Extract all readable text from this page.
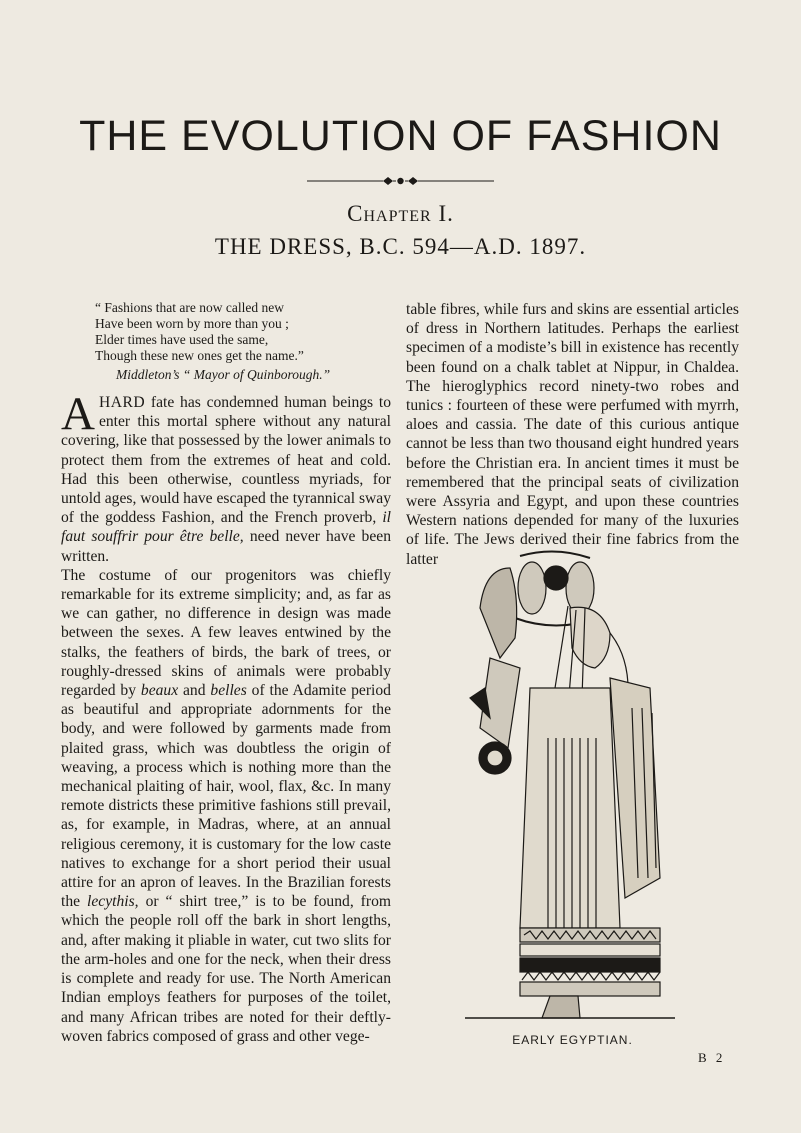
THE EVOLUTION OF FASHION
Chapter I.
THE DRESS, B.C. 594—A.D. 1897.
“ Fashions that are now called new
Have been worn by more than you ;
Elder times have used the same,
Though these new ones get the name.”
Middleton’s “ Mayor of Quinborough.”

A HARD fate has condemned human beings to enter this mortal sphere without any natural covering, like that possessed by the lower animals to protect them from the extremes of heat and cold. Had this been otherwise, countless myriads, for untold ages, would have escaped the tyrannical sway of the goddess Fashion, and the French proverb, il faut souffrir pour être belle, need never have been written.

The costume of our progenitors was chiefly remarkable for its extreme simplicity; and, as far as we can gather, no difference in design was made between the sexes. A few leaves entwined by the stalks, the feathers of birds, the bark of trees, or roughly-dressed skins of animals were probably regarded by beaux and belles of the Adamite period as beautiful and appropriate adornments for the body, and were followed by garments made from plaited grass, which was doubtless the origin of weaving, a process which is nothing more than the mechanical plaiting of hair, wool, flax, &c. In many remote districts these primitive fashions still prevail, as, for example, in Madras, where, at an annual religious ceremony, it is customary for the low caste natives to exchange for a short period their usual attire for an apron of leaves. In the Brazilian forests the lecythis, or “ shirt tree,” is to be found, from which the people roll off the bark in short lengths, and, after making it pliable in water, cut two slits for the arm-holes and one for the neck, when their dress is complete and ready for use. The North American Indian employs feathers for purposes of the toilet, and many African tribes are noted for their deftly-woven fabrics composed of grass and other vege-

table fibres, while furs and skins are essential articles of dress in Northern latitudes. Perhaps the earliest specimen of a modiste’s bill in existence has recently been found on a chalk tablet at Nippur, in Chaldea. The hieroglyphics record ninety-two robes and tunics : fourteen of these were perfumed with myrrh, aloes and cassia. The date of this curious antique cannot be less than two thousand eight hundred years before the Christian era. In ancient times it must be remembered that the principal seats of civilization were Assyria and Egypt, and upon these countries Western nations depended for many of the luxuries of life. The Jews derived their fine fabrics from the latter

EARLY EGYPTIAN.
B 2
